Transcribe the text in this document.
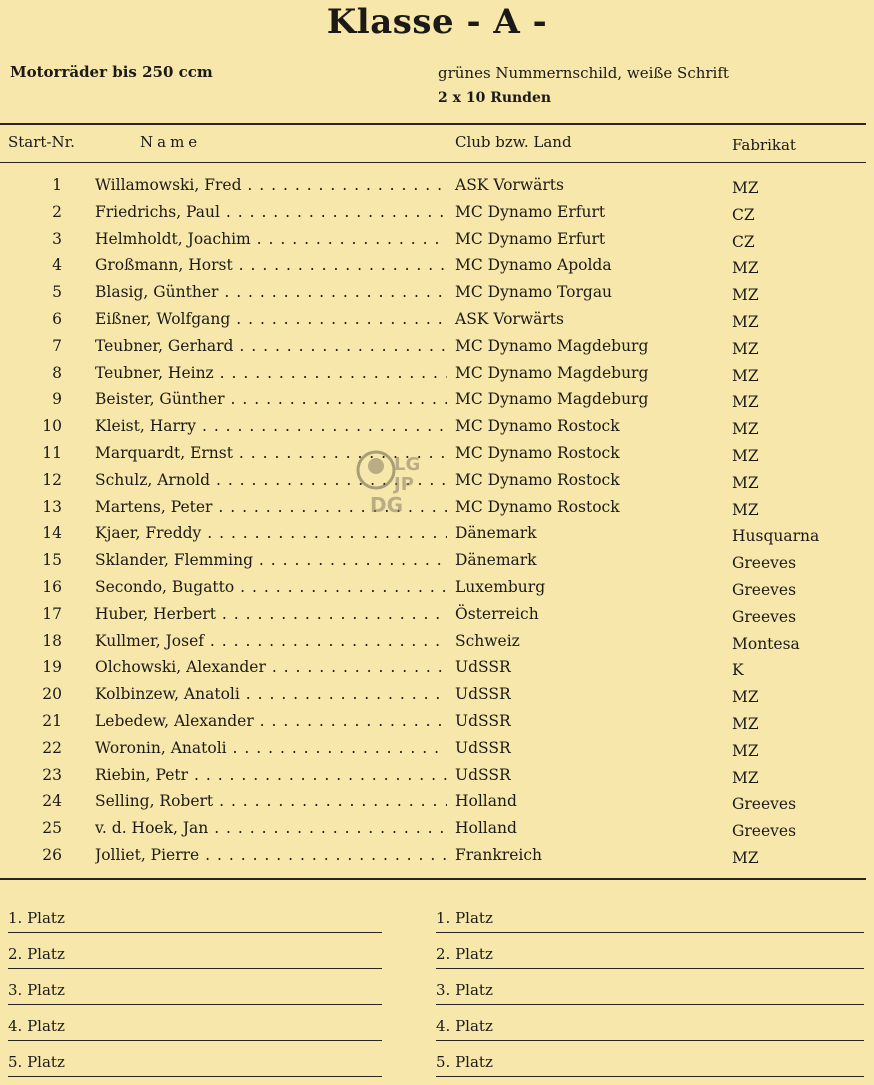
Klasse - A -
Motorräder bis 250 ccm	grünes Nummernschild, weiße Schrift
2 x 10 Runden
Start-Nr.	Name	Club bzw. Land	Fabrikat
1 Willamowski, Fred . . .	ASK Vorwärts	MZ
2 Friedrichs, Paul . . .	MC Dynamo Erfurt	CZ
3 Helmholdt, Joachim . . .	MC Dynamo Erfurt	CZ
4 Großmann, Horst . . .	MC Dynamo Apolda	MZ
5 Blasig, Günther . . .	MC Dynamo Torgau	MZ
6 Eißner, Wolfgang . . .	ASK Vorwärts	MZ
7 Teubner, Gerhard . . .	MC Dynamo Magdeburg	MZ
8 Teubner, Heinz . . .	MC Dynamo Magdeburg	MZ
9 Beister, Günther . . .	MC Dynamo Magdeburg	MZ
10 Kleist, Harry . . .	MC Dynamo Rostock	MZ
11 Marquardt, Ernst . . .	MC Dynamo Rostock	MZ
12 Schulz, Arnold . . .	MC Dynamo Rostock	MZ
13 Martens, Peter . . .	MC Dynamo Rostock	MZ
14 Kjaer, Freddy . . .	Dänemark	Husquarna
15 Sklander, Flemming . . .	Dänemark	Greeves
16 Secondo, Bugatto . . .	Luxemburg	Greeves
17 Huber, Herbert . . .	Österreich	Greeves
18 Kullmer, Josef . . .	Schweiz	Montesa
19 Olchowski, Alexander . . .	UdSSR	K
20 Kolbinzew, Anatoli . . .	UdSSR	MZ
21 Lebedew, Alexander . . .	UdSSR	MZ
22 Woronin, Anatoli . . .	UdSSR	MZ
23 Riebin, Petr . . .	UdSSR	MZ
24 Selling, Robert . . .	Holland	Greeves
25 v. d. Hoek, Jan . . .	Holland	Greeves
26 Jolliet, Pierre . . .	Frankreich	MZ
LG
JP
DG
1. Platz
2. Platz
3. Platz
4. Platz
5. Platz
1. Platz
2. Platz
3. Platz
4. Platz
5. Platz
